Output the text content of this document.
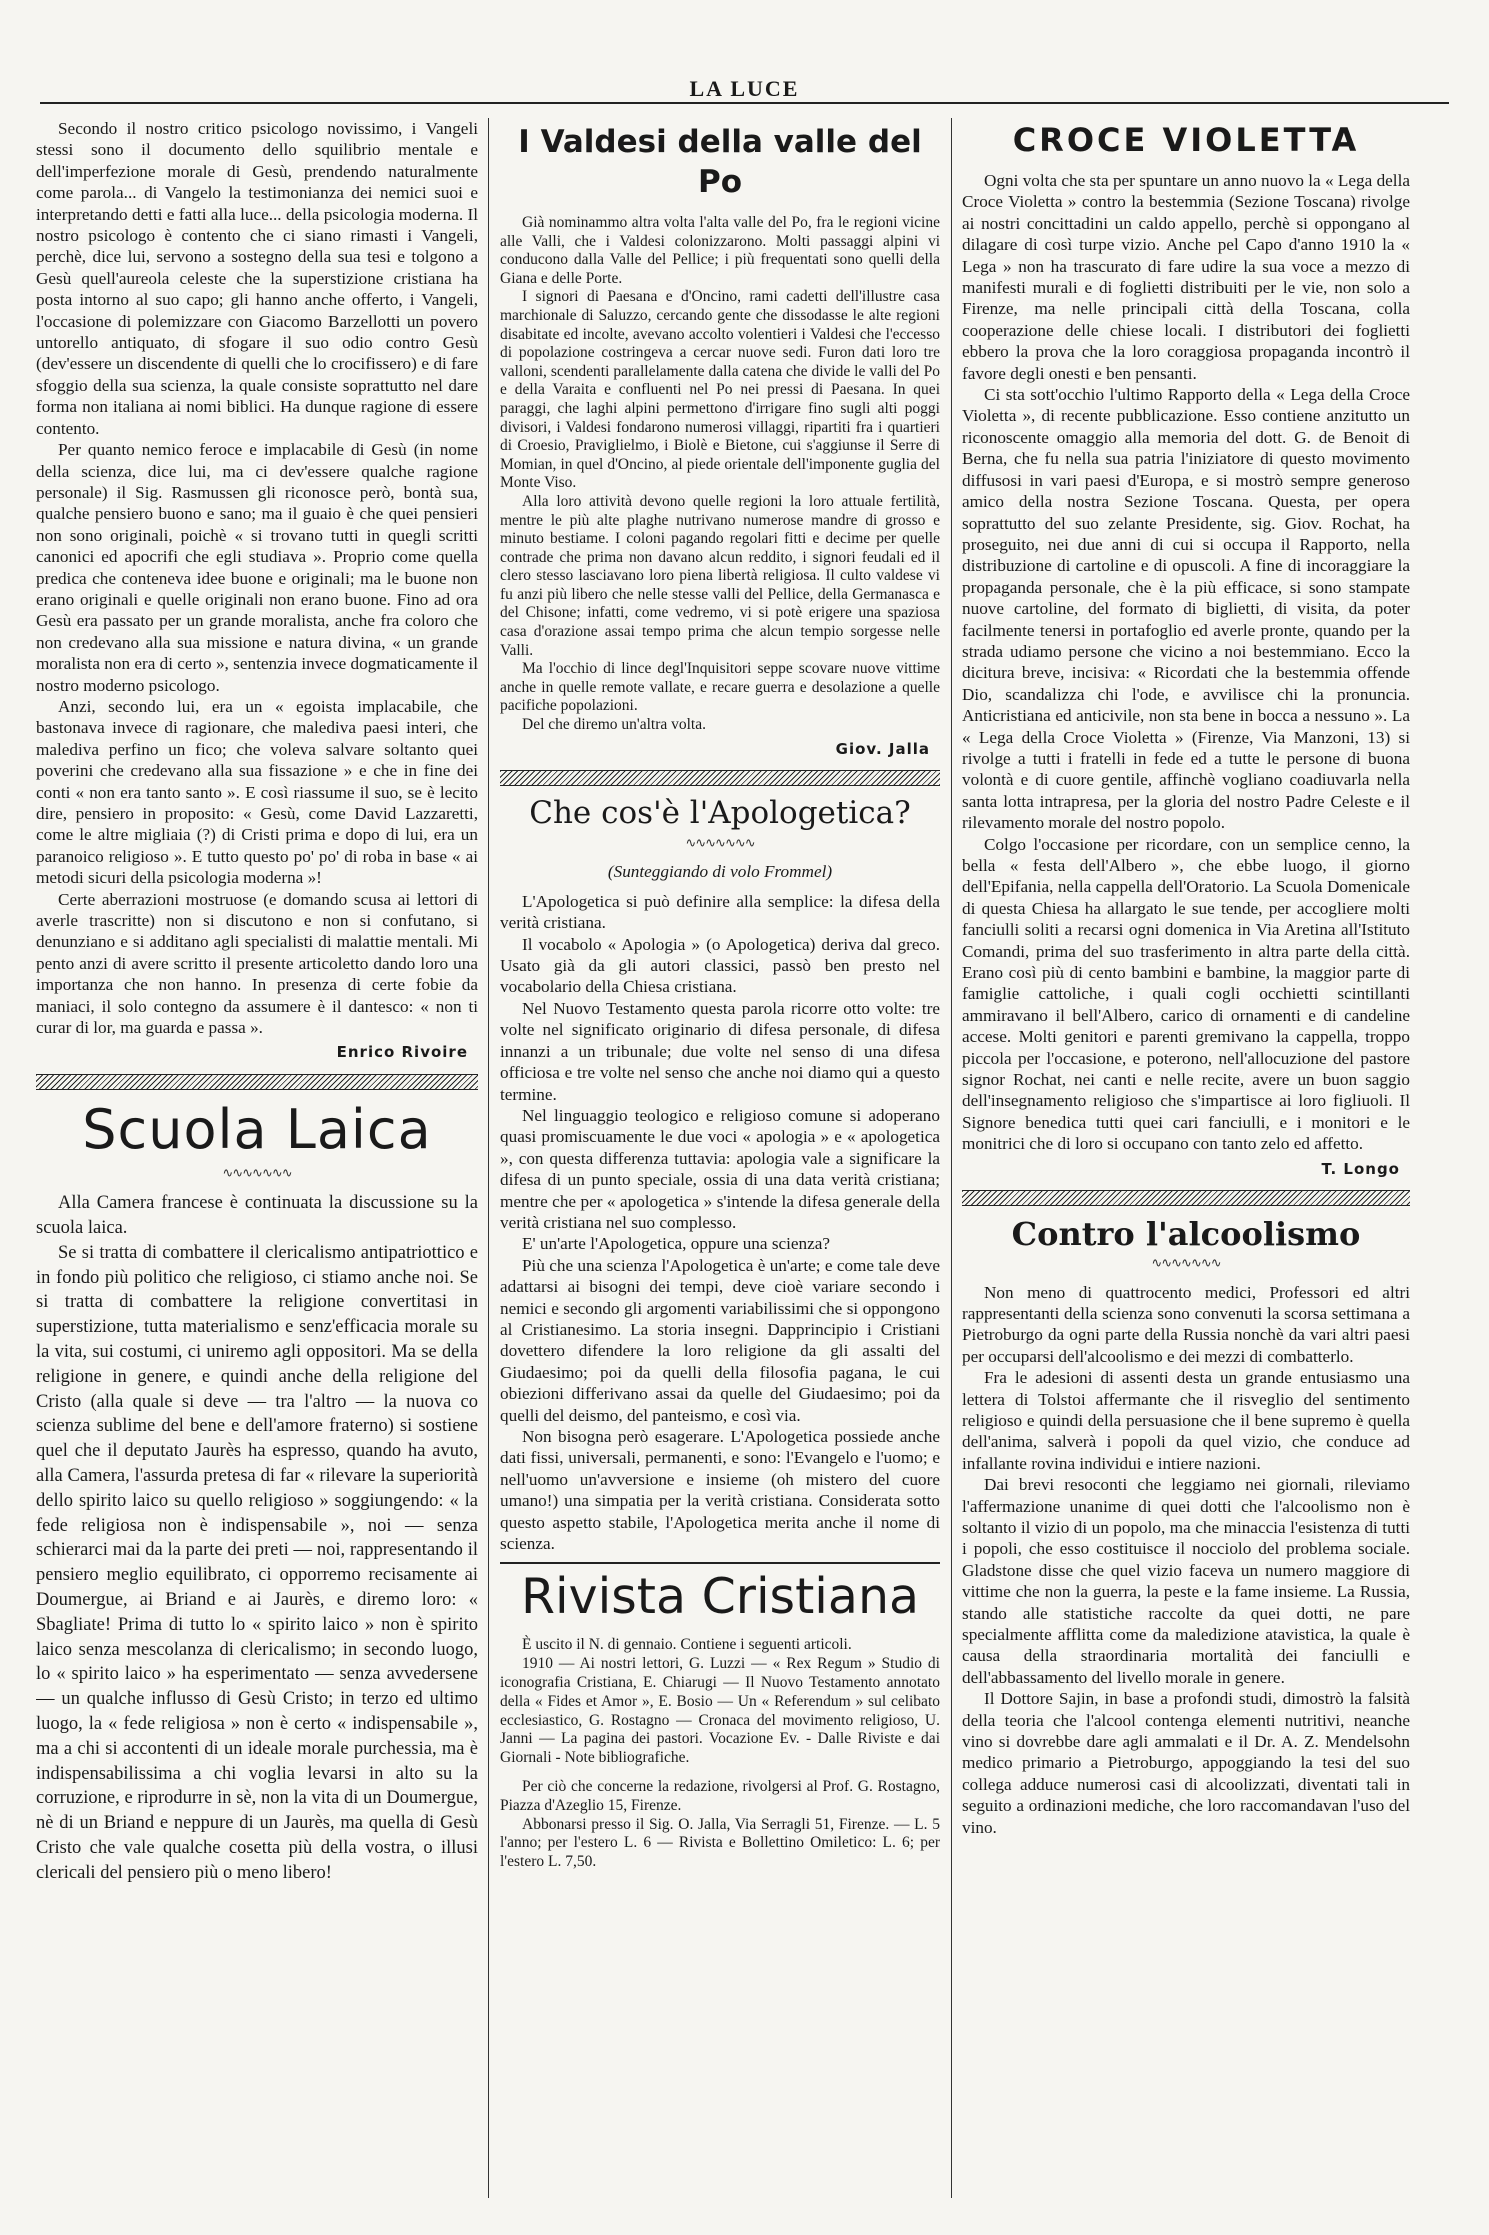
LA LUCE

Secondo il nostro critico psicologo novissimo, i Vangeli stessi sono il documento dello squilibrio mentale e dell'imperfezione morale di Gesù, prendendo naturalmente come parola... di Vangelo la testimonianza dei nemici suoi e interpretando detti e fatti alla luce... della psicologia moderna. Il nostro psicologo è contento che ci siano rimasti i Vangeli, perchè, dice lui, servono a sostegno della sua tesi e tolgono a Gesù quell'aureola celeste che la superstizione cristiana ha posta intorno al suo capo; gli hanno anche offerto, i Vangeli, l'occasione di polemizzare con Giacomo Barzellotti un povero untorello antiquato, di sfogare il suo odio contro Gesù (dev'essere un discendente di quelli che lo crocifissero) e di fare sfoggio della sua scienza, la quale consiste soprattutto nel dare forma non italiana ai nomi biblici. Ha dunque ragione di essere contento.

Per quanto nemico feroce e implacabile di Gesù (in nome della scienza, dice lui, ma ci dev'essere qualche ragione personale) il Sig. Rasmussen gli riconosce però, bontà sua, qualche pensiero buono e sano; ma il guaio è che quei pensieri non sono originali, poichè « si trovano tutti in quegli scritti canonici ed apocrifi che egli studiava ». Proprio come quella predica che conteneva idee buone e originali; ma le buone non erano originali e quelle originali non erano buone. Fino ad ora Gesù era passato per un grande moralista, anche fra coloro che non credevano alla sua missione e natura divina, « un grande moralista non era di certo », sentenzia invece dogmaticamente il nostro moderno psicologo.

Anzi, secondo lui, era un « egoista implacabile, che bastonava invece di ragionare, che malediva paesi interi, che malediva perfino un fico; che voleva salvare soltanto quei poverini che credevano alla sua fissazione » e che in fine dei conti « non era tanto santo ». E così riassume il suo, se è lecito dire, pensiero in proposito: « Gesù, come David Lazzaretti, come le altre migliaia (?) di Cristi prima e dopo di lui, era un paranoico religioso ». E tutto questo po' po' di roba in base « ai metodi sicuri della psicologia moderna »!

Certe aberrazioni mostruose (e domando scusa ai lettori di averle trascritte) non si discutono e non si confutano, si denunziano e si additano agli specialisti di malattie mentali. Mi pento anzi di avere scritto il presente articoletto dando loro una importanza che non hanno. In presenza di certe fobie da maniaci, il solo contegno da assumere è il dantesco: « non ti curar di lor, ma guarda e passa ».

Enrico Rivoire
Scuola Laica
∿∿∿∿∿∿∿

Alla Camera francese è continuata la discussione su la scuola laica.

Se si tratta di combattere il clericalismo antipatriottico e in fondo più politico che religioso, ci stiamo anche noi. Se si tratta di combattere la religione convertitasi in superstizione, tutta materialismo e senz'efficacia morale su la vita, sui costumi, ci uniremo agli oppositori. Ma se della religione in genere, e quindi anche della religione del Cristo (alla quale si deve — tra l'altro — la nuova co scienza sublime del bene e dell'amore fraterno) si sostiene quel che il deputato Jaurès ha espresso, quando ha avuto, alla Camera, l'assurda pretesa di far « rilevare la superiorità dello spirito laico su quello religioso » soggiungendo: « la fede religiosa non è indispensabile », noi — senza schierarci mai da la parte dei preti — noi, rappresentando il pensiero meglio equilibrato, ci opporremo recisamente ai Doumergue, ai Briand e ai Jaurès, e diremo loro: « Sbagliate! Prima di tutto lo « spirito laico » non è spirito laico senza mescolanza di clericalismo; in secondo luogo, lo « spirito laico » ha esperimentato — senza avvedersene — un qualche influsso di Gesù Cristo; in terzo ed ultimo luogo, la « fede religiosa » non è certo « indispensabile », ma a chi si accontenti di un ideale morale purchessia, ma è indispensabilissima a chi voglia levarsi in alto su la corruzione, e riprodurre in sè, non la vita di un Doumergue, nè di un Briand e neppure di un Jaurès, ma quella di Gesù Cristo che vale qualche cosetta più della vostra, o illusi clericali del pensiero più o meno libero!

I Valdesi della valle del Po

Già nominammo altra volta l'alta valle del Po, fra le regioni vicine alle Valli, che i Valdesi colonizzarono. Molti passaggi alpini vi conducono dalla Valle del Pellice; i più frequentati sono quelli della Giana e delle Porte.

I signori di Paesana e d'Oncino, rami cadetti dell'illustre casa marchionale di Saluzzo, cercando gente che dissodasse le alte regioni disabitate ed incolte, avevano accolto volentieri i Valdesi che l'eccesso di popolazione costringeva a cercar nuove sedi. Furon dati loro tre valloni, scendenti parallelamente dalla catena che divide le valli del Po e della Varaita e confluenti nel Po nei pressi di Paesana. In quei paraggi, che laghi alpini permettono d'irrigare fino sugli alti poggi divisori, i Valdesi fondarono numerosi villaggi, ripartiti fra i quartieri di Croesio, Praviglielmo, i Biolè e Bietone, cui s'aggiunse il Serre di Momian, in quel d'Oncino, al piede orientale dell'imponente guglia del Monte Viso.

Alla loro attività devono quelle regioni la loro attuale fertilità, mentre le più alte plaghe nutrivano numerose mandre di grosso e minuto bestiame. I coloni pagando regolari fitti e decime per quelle contrade che prima non davano alcun reddito, i signori feudali ed il clero stesso lasciavano loro piena libertà religiosa. Il culto valdese vi fu anzi più libero che nelle stesse valli del Pellice, della Germanasca e del Chisone; infatti, come vedremo, vi si potè erigere una spaziosa casa d'orazione assai tempo prima che alcun tempio sorgesse nelle Valli.

Ma l'occhio di lince degl'Inquisitori seppe scovare nuove vittime anche in quelle remote vallate, e recare guerra e desolazione a quelle pacifiche popolazioni.

Del che diremo un'altra volta.

Giov. Jalla
Che cos'è l'Apologetica?
∿∿∿∿∿∿∿
(Sunteggiando di volo Frommel)

L'Apologetica si può definire alla semplice: la difesa della verità cristiana.

Il vocabolo « Apologia » (o Apologetica) deriva dal greco. Usato già da gli autori classici, passò ben presto nel vocabolario della Chiesa cristiana.

Nel Nuovo Testamento questa parola ricorre otto volte: tre volte nel significato originario di difesa personale, di difesa innanzi a un tribunale; due volte nel senso di una difesa officiosa e tre volte nel senso che anche noi diamo qui a questo termine.

Nel linguaggio teologico e religioso comune si adoperano quasi promiscuamente le due voci « apologia » e « apologetica », con questa differenza tuttavia: apologia vale a significare la difesa di un punto speciale, ossia di una data verità cristiana; mentre che per « apologetica » s'intende la difesa generale della verità cristiana nel suo complesso.

E' un'arte l'Apologetica, oppure una scienza?

Più che una scienza l'Apologetica è un'arte; e come tale deve adattarsi ai bisogni dei tempi, deve cioè variare secondo i nemici e secondo gli argomenti variabilissimi che si oppongono al Cristianesimo. La storia insegni. Dapprincipio i Cristiani dovettero difendere la loro religione da gli assalti del Giudaesimo; poi da quelli della filosofia pagana, le cui obiezioni differivano assai da quelle del Giudaesimo; poi da quelli del deismo, del panteismo, e così via.

Non bisogna però esagerare. L'Apologetica possiede anche dati fissi, universali, permanenti, e sono: l'Evangelo e l'uomo; e nell'uomo un'avversione e insieme (oh mistero del cuore umano!) una simpatia per la verità cristiana. Considerata sotto questo aspetto stabile, l'Apologetica merita anche il nome di scienza.

Rivista Cristiana

È uscito il N. di gennaio. Contiene i seguenti articoli.

1910 — Ai nostri lettori, G. Luzzi — « Rex Regum » Studio di iconografia Cristiana, E. Chiarugi — Il Nuovo Testamento annotato della « Fides et Amor », E. Bosio — Un « Referendum » sul celibato ecclesiastico, G. Rostagno — Cronaca del movimento religioso, U. Janni — La pagina dei pastori. Vocazione Ev. - Dalle Riviste e dai Giornali - Note bibliografiche.

Per ciò che concerne la redazione, rivolgersi al Prof. G. Rostagno, Piazza d'Azeglio 15, Firenze.

Abbonarsi presso il Sig. O. Jalla, Via Serragli 51, Firenze. — L. 5 l'anno; per l'estero L. 6 — Rivista e Bollettino Omiletico: L. 6; per l'estero L. 7,50.

CROCE VIOLETTA

Ogni volta che sta per spuntare un anno nuovo la « Lega della Croce Violetta » contro la bestemmia (Sezione Toscana) rivolge ai nostri concittadini un caldo appello, perchè si oppongano al dilagare di così turpe vizio. Anche pel Capo d'anno 1910 la « Lega » non ha trascurato di fare udire la sua voce a mezzo di manifesti murali e di foglietti distribuiti per le vie, non solo a Firenze, ma nelle principali città della Toscana, colla cooperazione delle chiese locali. I distributori dei foglietti ebbero la prova che la loro coraggiosa propaganda incontrò il favore degli onesti e ben pensanti.

Ci sta sott'occhio l'ultimo Rapporto della « Lega della Croce Violetta », di recente pubblicazione. Esso contiene anzitutto un riconoscente omaggio alla memoria del dott. G. de Benoit di Berna, che fu nella sua patria l'iniziatore di questo movimento diffusosi in vari paesi d'Europa, e si mostrò sempre generoso amico della nostra Sezione Toscana. Questa, per opera soprattutto del suo zelante Presidente, sig. Giov. Rochat, ha proseguito, nei due anni di cui si occupa il Rapporto, nella distribuzione di cartoline e di opuscoli. A fine di incoraggiare la propaganda personale, che è la più efficace, si sono stampate nuove cartoline, del formato di biglietti, di visita, da poter facilmente tenersi in portafoglio ed averle pronte, quando per la strada udiamo persone che vicino a noi bestemmiano. Ecco la dicitura breve, incisiva: « Ricordati che la bestemmia offende Dio, scandalizza chi l'ode, e avvilisce chi la pronuncia. Anticristiana ed anticivile, non sta bene in bocca a nessuno ». La « Lega della Croce Violetta » (Firenze, Via Manzoni, 13) si rivolge a tutti i fratelli in fede ed a tutte le persone di buona volontà e di cuore gentile, affinchè vogliano coadiuvarla nella santa lotta intrapresa, per la gloria del nostro Padre Celeste e il rilevamento morale del nostro popolo.

Colgo l'occasione per ricordare, con un semplice cenno, la bella « festa dell'Albero », che ebbe luogo, il giorno dell'Epifania, nella cappella dell'Oratorio. La Scuola Domenicale di questa Chiesa ha allargato le sue tende, per accogliere molti fanciulli soliti a recarsi ogni domenica in Via Aretina all'Istituto Comandi, prima del suo trasferimento in altra parte della città. Erano così più di cento bambini e bambine, la maggior parte di famiglie cattoliche, i quali cogli occhietti scintillanti ammiravano il bell'Albero, carico di ornamenti e di candeline accese. Molti genitori e parenti gremivano la cappella, troppo piccola per l'occasione, e poterono, nell'allocuzione del pastore signor Rochat, nei canti e nelle recite, avere un buon saggio dell'insegnamento religioso che s'impartisce ai loro figliuoli. Il Signore benedica tutti quei cari fanciulli, e i monitori e le monitrici che di loro si occupano con tanto zelo ed affetto.

T. Longo
Contro l'alcoolismo
∿∿∿∿∿∿∿

Non meno di quattrocento medici, Professori ed altri rappresentanti della scienza sono convenuti la scorsa settimana a Pietroburgo da ogni parte della Russia nonchè da vari altri paesi per occuparsi dell'alcoolismo e dei mezzi di combatterlo.

Fra le adesioni di assenti desta un grande entusiasmo una lettera di Tolstoi affermante che il risveglio del sentimento religioso e quindi della persuasione che il bene supremo è quella dell'anima, salverà i popoli da quel vizio, che conduce ad infallante rovina individui e intiere nazioni.

Dai brevi resoconti che leggiamo nei giornali, rileviamo l'affermazione unanime di quei dotti che l'alcoolismo non è soltanto il vizio di un popolo, ma che minaccia l'esistenza di tutti i popoli, che esso costituisce il nocciolo del problema sociale. Gladstone disse che quel vizio faceva un numero maggiore di vittime che non la guerra, la peste e la fame insieme. La Russia, stando alle statistiche raccolte da quei dotti, ne pare specialmente afflitta come da maledizione atavistica, la quale è causa della straordinaria mortalità dei fanciulli e dell'abbassamento del livello morale in genere.

Il Dottore Sajin, in base a profondi studi, dimostrò la falsità della teoria che l'alcool contenga elementi nutritivi, neanche vino si dovrebbe dare agli ammalati e il Dr. A. Z. Mendelsohn medico primario a Pietroburgo, appoggiando la tesi del suo collega adduce numerosi casi di alcoolizzati, diventati tali in seguito a ordinazioni mediche, che loro raccomandavan l'uso del vino.
